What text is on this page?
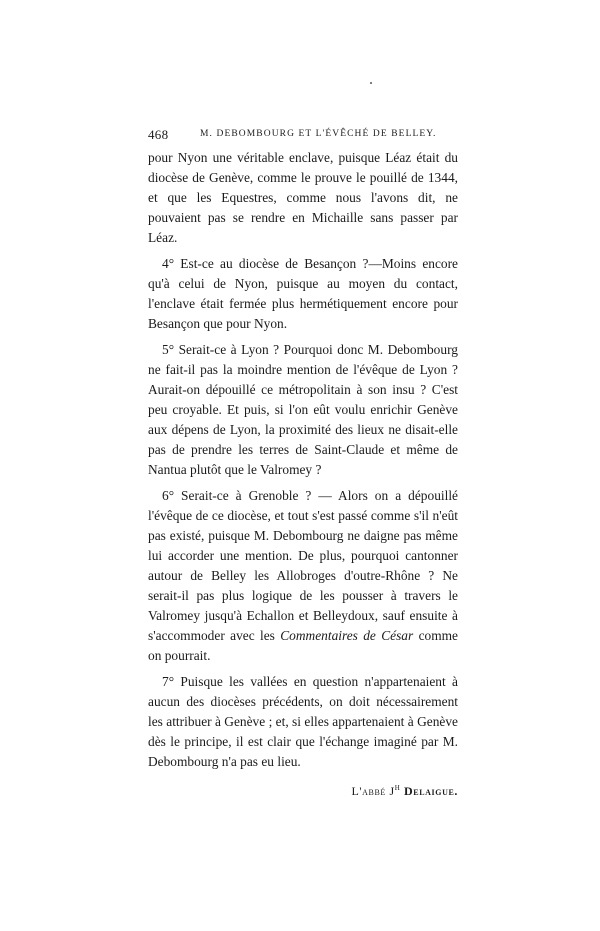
468	M. DEBOMBOURG ET L'ÉVÊCHÉ DE BELLEY.

pour Nyon une véritable enclave, puisque Léaz était du diocèse de Genève, comme le prouve le pouillé de 1344, et que les Equestres, comme nous l'avons dit, ne pouvaient pas se rendre en Michaille sans passer par Léaz.

4° Est-ce au diocèse de Besançon ?—Moins encore qu'à celui de Nyon, puisque au moyen du contact, l'enclave était fermée plus hermétiquement encore pour Besançon que pour Nyon.

5° Serait-ce à Lyon ? Pourquoi donc M. Debombourg ne fait-il pas la moindre mention de l'évêque de Lyon ? Aurait-on dépouillé ce métropolitain à son insu ? C'est peu croyable. Et puis, si l'on eût voulu enrichir Genève aux dépens de Lyon, la proximité des lieux ne disait-elle pas de prendre les terres de Saint-Claude et même de Nantua plutôt que le Valromey ?

6° Serait-ce à Grenoble ? — Alors on a dépouillé l'évêque de ce diocèse, et tout s'est passé comme s'il n'eût pas existé, puisque M. Debombourg ne daigne pas même lui accorder une mention. De plus, pourquoi cantonner autour de Belley les Allobroges d'outre-Rhône ? Ne serait-il pas plus logique de les pousser à travers le Valromey jusqu'à Echallon et Belleydoux, sauf ensuite à s'accommoder avec les Commentaires de César comme on pourrait.

7° Puisque les vallées en question n'appartenaient à aucun des diocèses précédents, on doit nécessairement les attribuer à Genève ; et, si elles appartenaient à Genève dès le principe, il est clair que l'échange imaginé par M. Debombourg n'a pas eu lieu.

L'abbé $J^h$ Delaigue.
